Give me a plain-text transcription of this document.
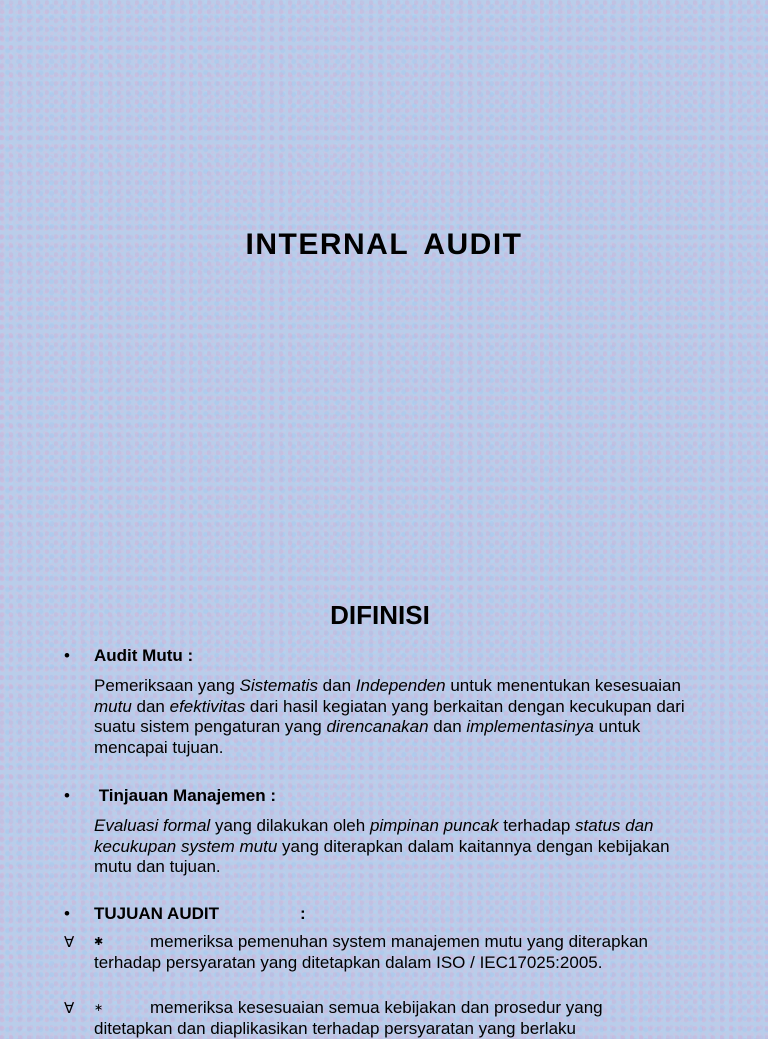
INTERNAL AUDIT
DIFINISI
• Audit Mutu :

Pemeriksaan yang Sistematis dan Independen untuk menentukan kesesuaian mutu dan efektivitas dari hasil kegiatan yang berkaitan dengan kecukupan dari suatu sistem pengaturan yang direncanakan dan implementasinya untuk mencapai tujuan.

• Tinjauan Manajemen :

Evaluasi formal yang dilakukan oleh pimpinan puncak terhadap status dan kecukupan system mutu yang diterapkan dalam kaitannya dengan kebijakan mutu dan tujuan.

• TUJUAN AUDIT	:
∀ ✱	memeriksa pemenuhan system manajemen mutu yang diterapkan terhadap persyaratan yang ditetapkan dalam ISO / IEC17025:2005.
∀ ∗	memeriksa kesesuaian semua kebijakan dan prosedur yang ditetapkan dan diaplikasikan terhadap persyaratan yang berlaku
